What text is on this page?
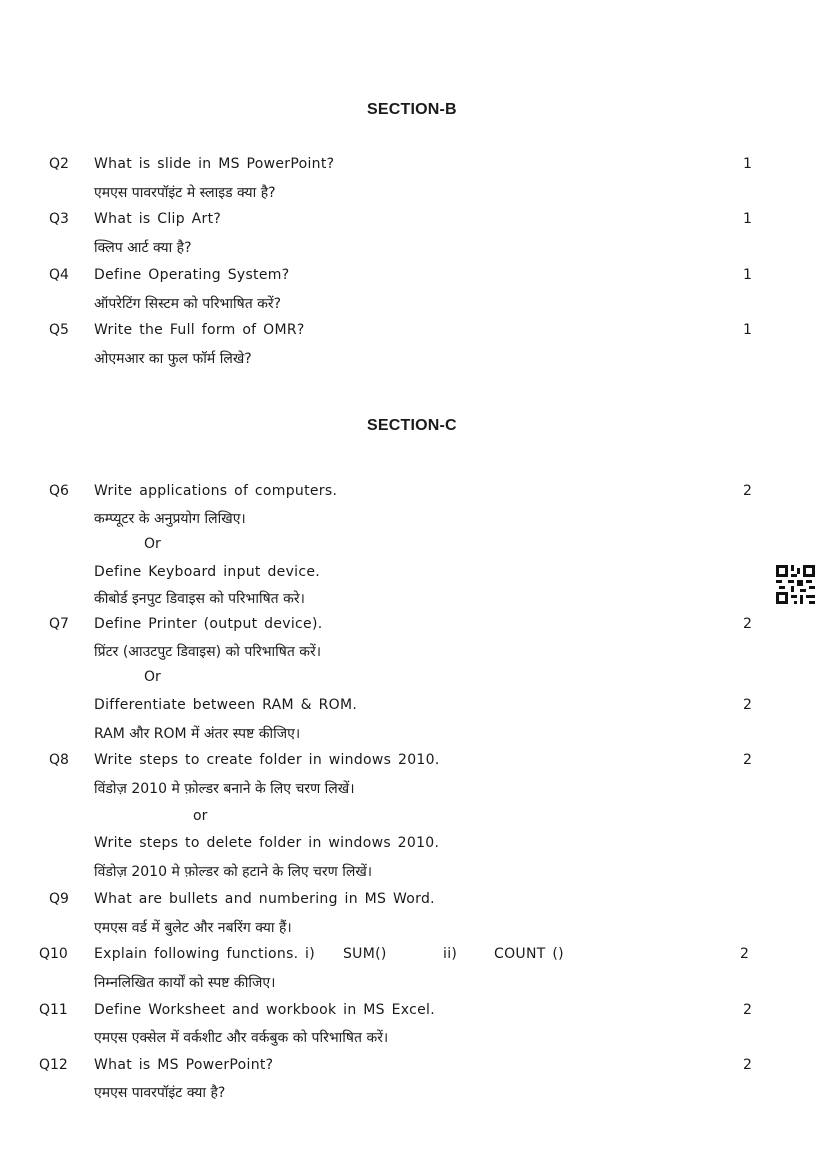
SECTION-B
Q2 What is slide in MS PowerPoint?	1
एमएस पावरपॉइंट मे स्लाइड क्या है?
Q3 What is Clip Art?	1
क्लिप आर्ट क्या है?
Q4 Define Operating System?	1
ऑपरेटिंग सिस्टम को परिभाषित करें?
Q5 Write the Full form of OMR?	1
ओएमआर का फुल फॉर्म लिखे?
SECTION-C
Q6 Write applications of computers.	2
कम्प्यूटर के अनुप्रयोग लिखिए।
Or
Define Keyboard input device.
कीबोर्ड इनपुट डिवाइस को परिभाषित करे।
Q7 Define Printer (output device).	2
प्रिंटर (आउटपुट डिवाइस) को परिभाषित करें।
Or
Differentiate between RAM & ROM.	2
RAM और ROM में अंतर स्पष्ट कीजिए।
Q8 Write steps to create folder in windows 2010.	2
विंडोज़ 2010 मे फ़ोल्डर बनाने के लिए चरण लिखें।
or
Write steps to delete folder in windows 2010.
विंडोज़ 2010 मे फ़ोल्डर को हटाने के लिए चरण लिखें।
Q9 What are bullets and numbering in MS Word.
एमएस वर्ड में बुलेट और नबरिंग क्या हैं।
Q10 Explain following functions. i) SUM()	ii)	COUNT ()	2
निम्नलिखित कार्यों को स्पष्ट कीजिए।
Q11 Define Worksheet and workbook in MS Excel.	2
एमएस एक्सेल में वर्कशीट और वर्कबुक को परिभाषित करें।
Q12 What is MS PowerPoint?	2
एमएस पावरपॉइंट क्या है?
